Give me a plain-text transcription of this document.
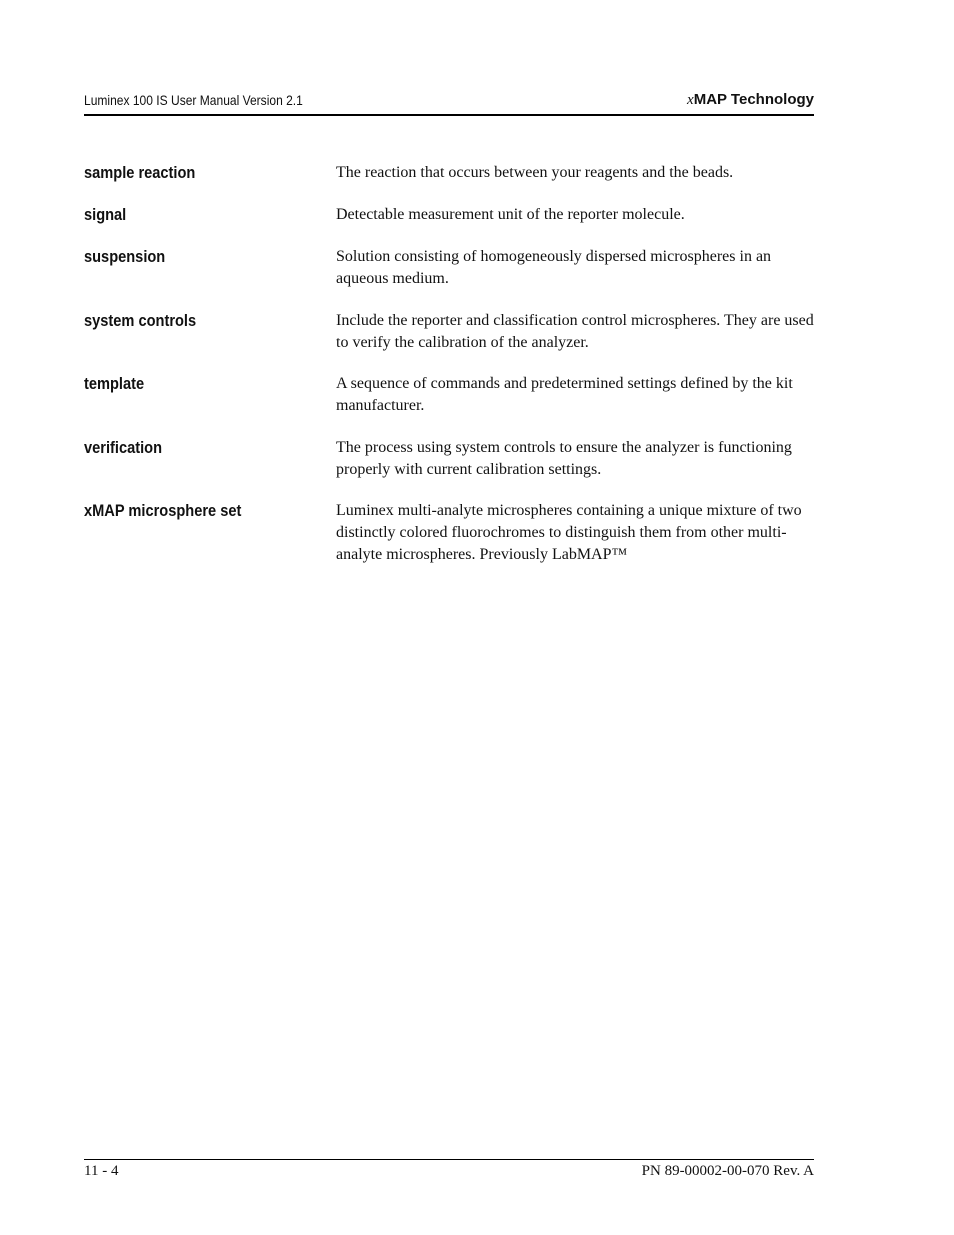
Luminex 100 IS User Manual Version 2.1	xMAP Technology
sample reaction	The reaction that occurs between your reagents and the beads.
signal	Detectable measurement unit of the reporter molecule.
suspension	Solution consisting of homogeneously dispersed microspheres in an aqueous medium.
system controls	Include the reporter and classification control microspheres. They are used to verify the calibration of the analyzer.
template	A sequence of commands and predetermined settings defined by the kit manufacturer.
verification	The process using system controls to ensure the analyzer is functioning properly with current calibration settings.
xMAP microsphere set	Luminex multi-analyte microspheres containing a unique mixture of two distinctly colored fluorochromes to distinguish them from other multi-analyte microspheres. Previously LabMAP™
11 - 4	PN 89-00002-00-070 Rev. A
